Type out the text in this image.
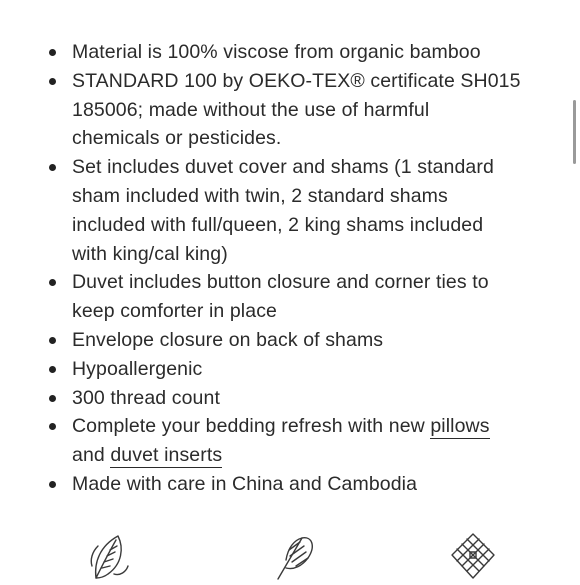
Material is 100% viscose from organic bamboo
STANDARD 100 by OEKO-TEX® certificate SH015 185006; made without the use of harmful chemicals or pesticides.
Set includes duvet cover and shams (1 standard sham included with twin, 2 standard shams included with full/queen, 2 king shams included with king/cal king)
Duvet includes button closure and corner ties to keep comforter in place
Envelope closure on back of shams
Hypoallergenic
300 thread count
Complete your bedding refresh with new pillows and duvet inserts
Made with care in China and Cambodia
